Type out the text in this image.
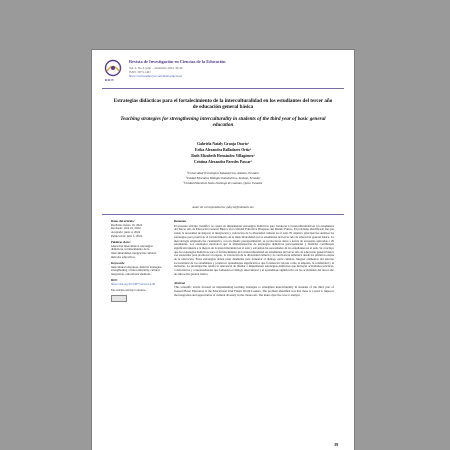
RICE
Revista de Investigación en Ciencias de la Educación
Vol. 2, No 4, julio – diciembre 2024, 39-49
ISSN: 3073-1461
https://revistasthecyst.com/index.php/riced
Estrategias didácticas para el fortalecimiento de la interculturalidad en los estudiantes del tercer año de educación general básica
Teaching strategies for strengthening interculturality in students of the third year of basic general education
Gabriela Nataly Granja Osorio¹
Erika Alexandra Balladares Ortiz²
Ruth Elizabeth Hernández Villagómez³
Cristina Alexandra Paredes Pascar³
¹Universidad Tecnológica Indoamérica, Ambato, Ecuador
²Unidad Educativa Bilingüe Indoamérica, Ambato, Ecuador
³Unidad Educativa Santo Domingo de Guzmán, Quito, Ecuador
Autor de correspondencia: gaby14@hotmail.com
Datos del artículo:
Recibido: marzo 16, 2024
Revisado: abril 22, 2024
Aceptado: junio 4, 2024
Publicación: julio 1, 2024
Palabras clave:
educación intercultural, estrategias didácticas, fortalecimiento de la interculturalidad, integración cultural, métodos educativos.
Keywords:
intercultural education, didactic strategies, strengthening of interculturality, cultural integration, educational methods.
DOI:
https://doi.org/10.53877/riced.2.4.28
Este artículo está bajo la licencia...
Resumen
El presente artículo científico se centró en implementar estrategias didácticas para fortalecer la interculturalidad en los estudiantes del Tercer año de Educación General Básica en la Unidad Educativa Diógenes del Mundo Futuro. El problema identificado fue que existe la necesidad de mejorar la integración y valoración de la diversidad cultural en el aula. El objetivo principal fue analizar las estrategias para promover el fortalecimiento de la interculturalidad en los estudiantes del tercer año de educación general básica. La metodología empleada fue cuantitativa, con un diseño preexperimental, se recolectaron datos a través de encuestas aplicadas a 20 estudiantes. Los resultados mostraron que la implementación de estrategias didácticas personalizadas y flexibles contribuyen significativamente a la mejora de la interculturalidad en el aula y solventan las necesidades de los estudiantes en el aula. Se concluye que las estrategias didácticas para el fortalecimiento de la interculturalidad en estudiantes del tercer año de educación general básica son esenciales para promover el respeto, la valoración de la diversidad cultural y la convivencia armónica desde los primeros etapas de la educación. Estas estrategias deben estar diseñadas para fomentar el diálogo entre culturas, integrar elementos del entorno sociocultural de los estudiantes y promover aprendizajes significativos que fortalezcan valores como la empatía, la solidaridad y la inclusión. La investigación resalta la relevancia de diseñar e implementar estrategias didácticas que incluyan actividades prácticas, colaborativas y contextualizadas que fomenten el diálogo intercultural y el aprendizaje significativo en las actividades del tercer año de educación general básica.
Abstract
This scientific article focused on implementing teaching strategies to strengthen interculturality in students of the third year of General Basic Education at the Educational Unit Future World Leaders. The problem identified was that there is a need to improve the integration and appreciation of cultural diversity in the classroom. The main objective was to analyze
39
